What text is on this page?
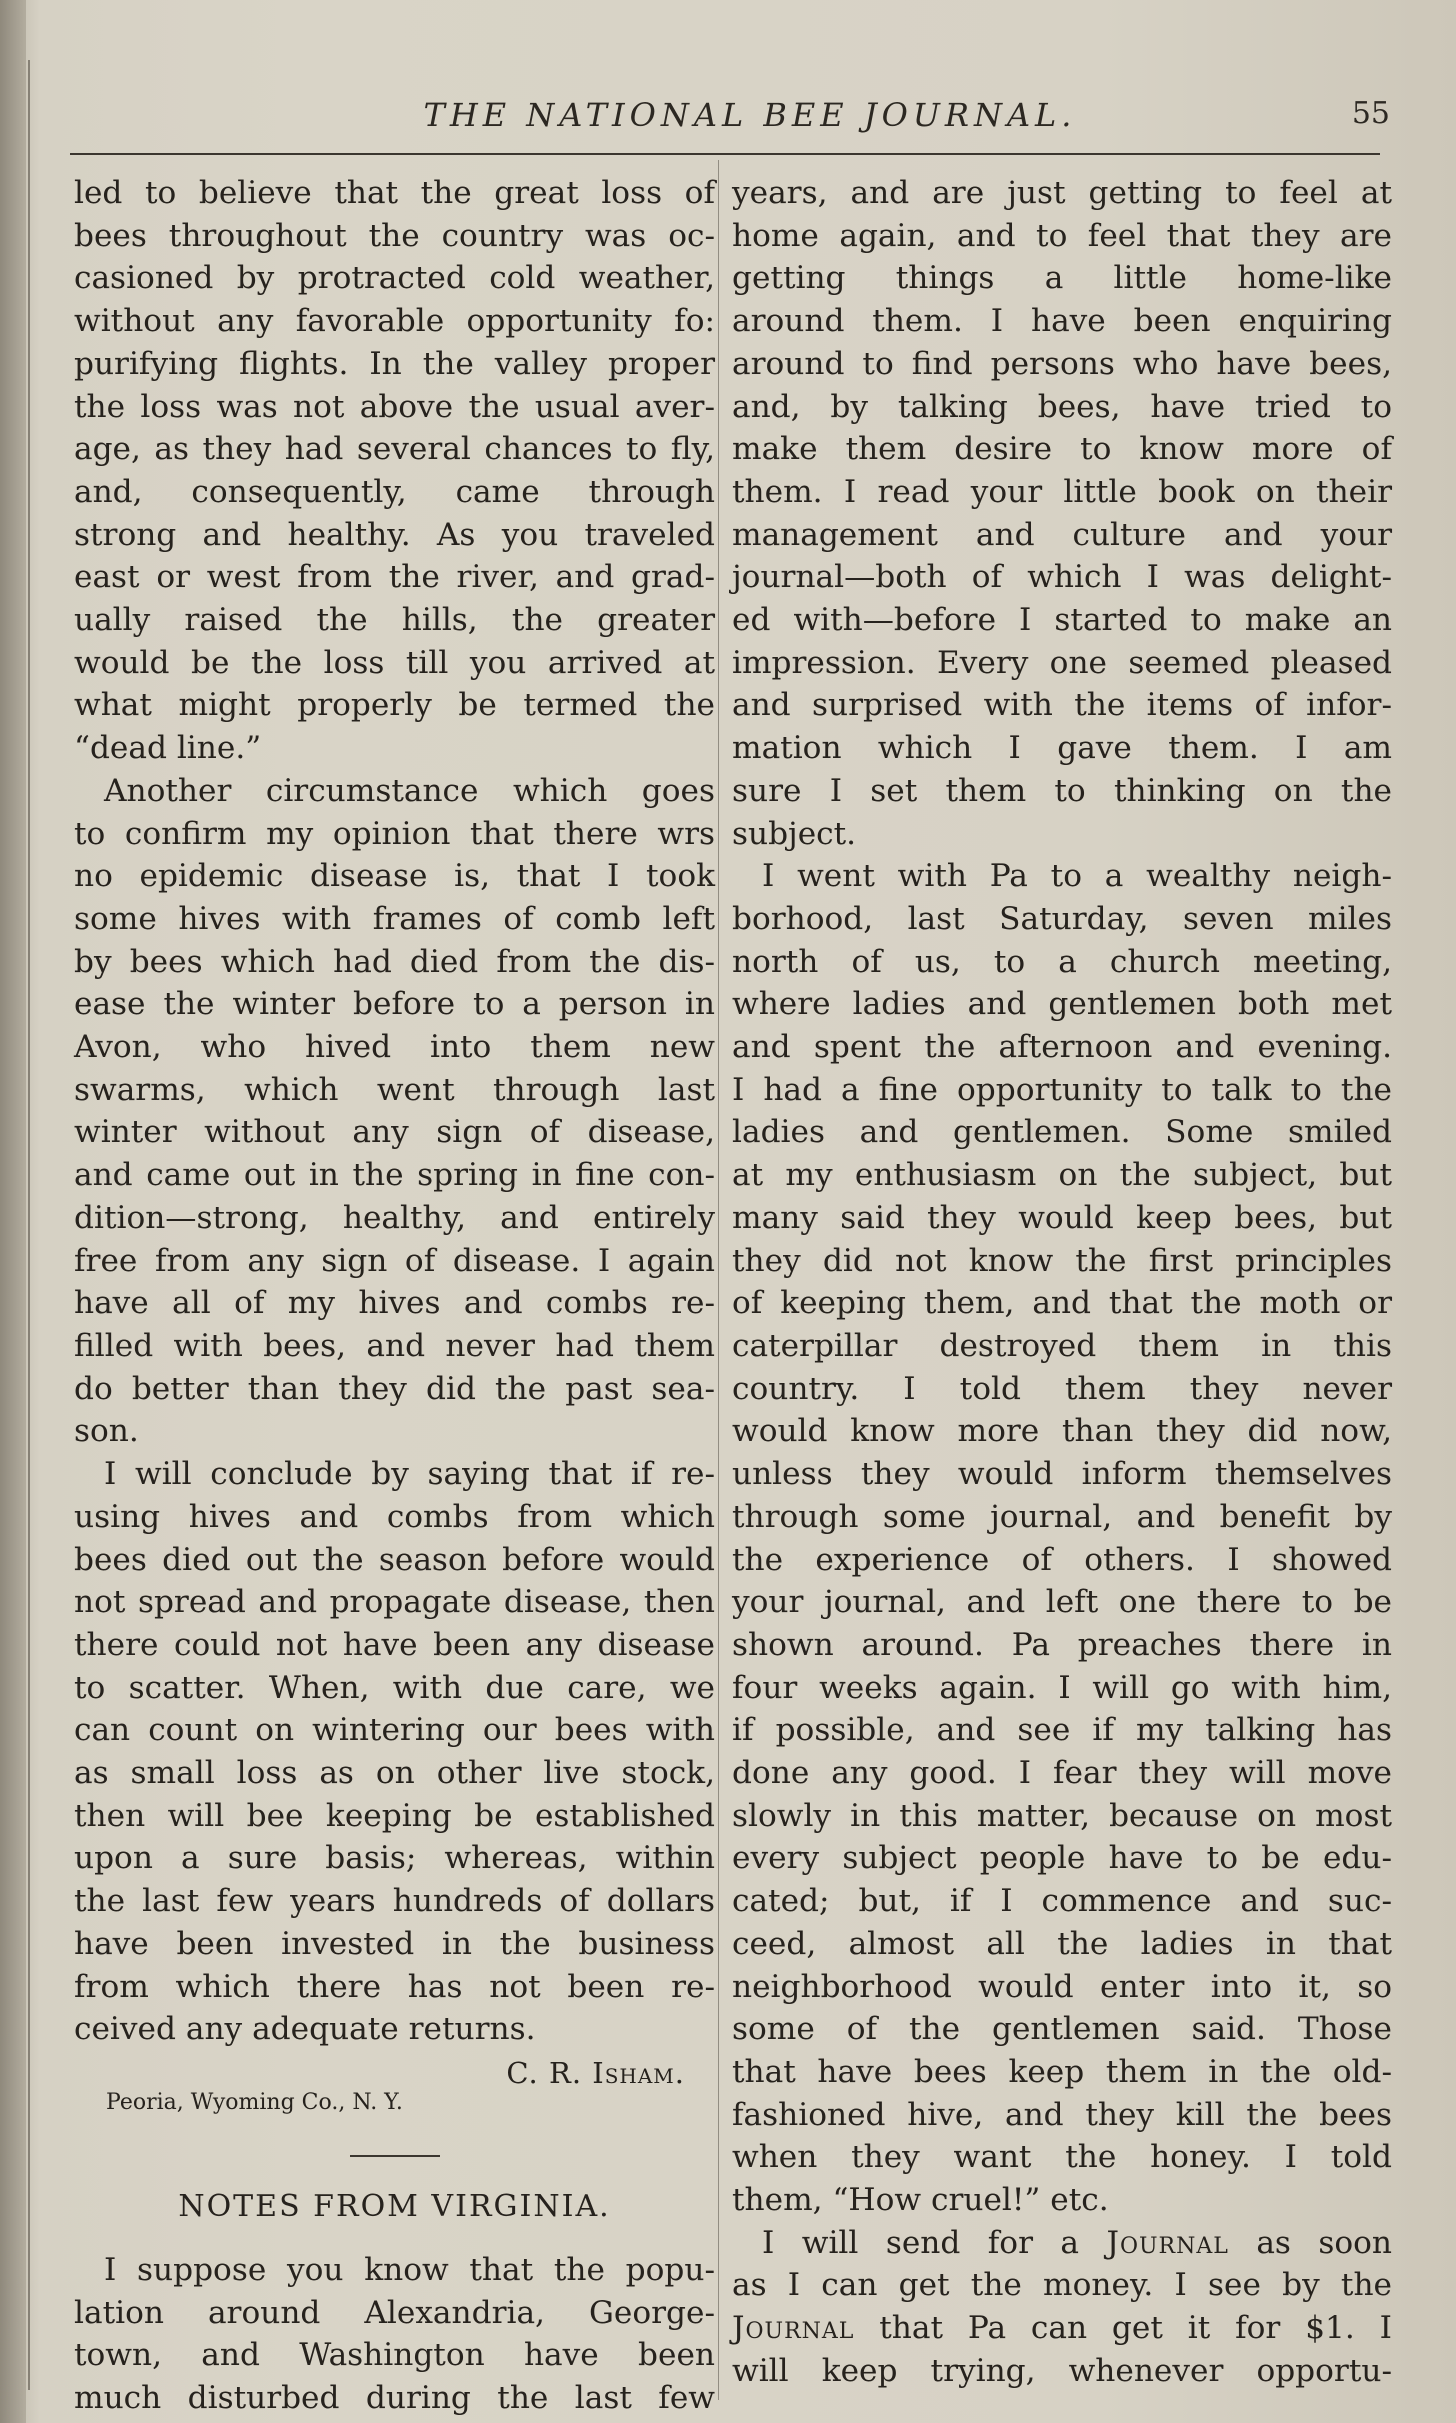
THE NATIONAL BEE JOURNAL.	55

led to believe that the great loss of
bees throughout the country was oc-
casioned by protracted cold weather,
without any favorable opportunity fo:
purifying flights. In the valley proper
the loss was not above the usual aver-
age, as they had several chances to fly,
and, consequently, came through
strong and healthy. As you traveled
east or west from the river, and grad-
ually raised the hills, the greater
would be the loss till you arrived at
what might properly be termed the
“dead line.”

Another circumstance which goes
to confirm my opinion that there wrs
no epidemic disease is, that I took
some hives with frames of comb left
by bees which had died from the dis-
ease the winter before to a person in
Avon, who hived into them new
swarms, which went through last
winter without any sign of disease,
and came out in the spring in fine con-
dition—strong, healthy, and entirely
free from any sign of disease. I again
have all of my hives and combs re-
filled with bees, and never had them
do better than they did the past sea-
son.

I will conclude by saying that if re-
using hives and combs from which
bees died out the season before would
not spread and propagate disease, then
there could not have been any disease
to scatter. When, with due care, we
can count on wintering our bees with
as small loss as on other live stock,
then will bee keeping be established
upon a sure basis; whereas, within
the last few years hundreds of dollars
have been invested in the business
from which there has not been re-
ceived any adequate returns.

C. R. Isham.
Peoria, Wyoming Co., N. Y.
NOTES FROM VIRGINIA.

I suppose you know that the popu-
lation around Alexandria, George-
town, and Washington have been
much disturbed during the last few

years, and are just getting to feel at
home again, and to feel that they are
getting things a little home-like
around them. I have been enquiring
around to find persons who have bees,
and, by talking bees, have tried to
make them desire to know more of
them. I read your little book on their
management and culture and your
journal—both of which I was delight-
ed with—before I started to make an
impression. Every one seemed pleased
and surprised with the items of infor-
mation which I gave them. I am
sure I set them to thinking on the
subject.

I went with Pa to a wealthy neigh-
borhood, last Saturday, seven miles
north of us, to a church meeting,
where ladies and gentlemen both met
and spent the afternoon and evening.
I had a fine opportunity to talk to the
ladies and gentlemen. Some smiled
at my enthusiasm on the subject, but
many said they would keep bees, but
they did not know the first principles
of keeping them, and that the moth or
caterpillar destroyed them in this
country. I told them they never
would know more than they did now,
unless they would inform themselves
through some journal, and benefit by
the experience of others. I showed
your journal, and left one there to be
shown around. Pa preaches there in
four weeks again. I will go with him,
if possible, and see if my talking has
done any good. I fear they will move
slowly in this matter, because on most
every subject people have to be edu-
cated; but, if I commence and suc-
ceed, almost all the ladies in that
neighborhood would enter into it, so
some of the gentlemen said. Those
that have bees keep them in the old-
fashioned hive, and they kill the bees
when they want the honey. I told
them, “How cruel!” etc.

I will send for a Journal as soon
as I can get the money. I see by the
Journal that Pa can get it for $1. I
will keep trying, whenever opportu-
